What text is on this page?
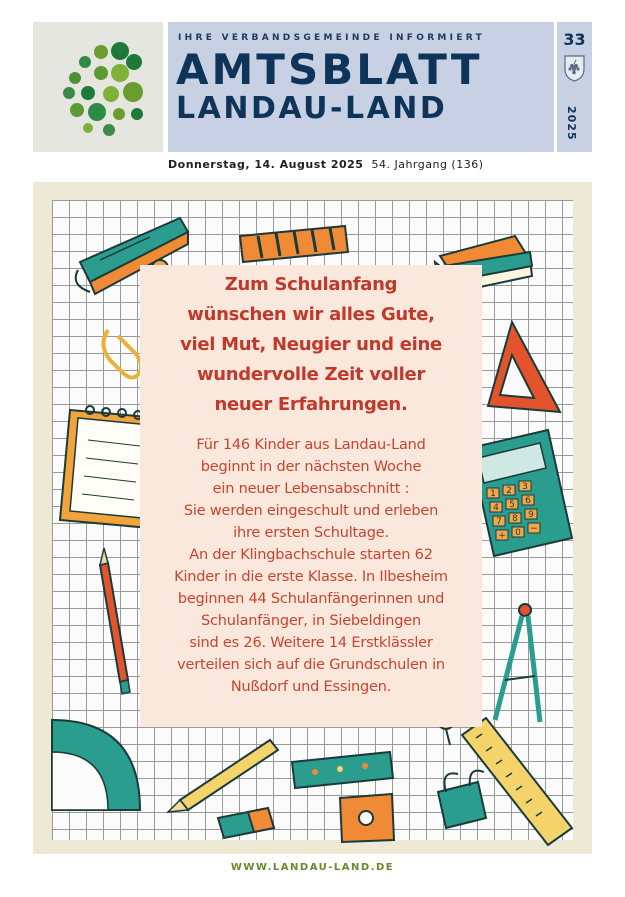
IHRE VERBANDSGEMEINDE INFORMIERT
AMTSBLATT
LANDAU-LAND
33
2025
Donnerstag, 14. August 2025 54. Jahrgang (136)
1 2 3
4 5 6
7 8 9
+ 0 −
Zum Schulanfang
wünschen wir alles Gute,
viel Mut, Neugier und eine
wundervolle Zeit voller
neuer Erfahrungen.
Für 146 Kinder aus Landau-Land
beginnt in der nächsten Woche
ein neuer Lebensabschnitt :
Sie werden eingeschult und erleben
ihre ersten Schultage.
An der Klingbachschule starten 62
Kinder in die erste Klasse. In Ilbesheim
beginnen 44 Schulanfängerinnen und
Schulanfänger, in Siebeldingen
sind es 26. Weitere 14 Erstklässler
verteilen sich auf die Grundschulen in
Nußdorf und Essingen.
WWW.LANDAU-LAND.DE
